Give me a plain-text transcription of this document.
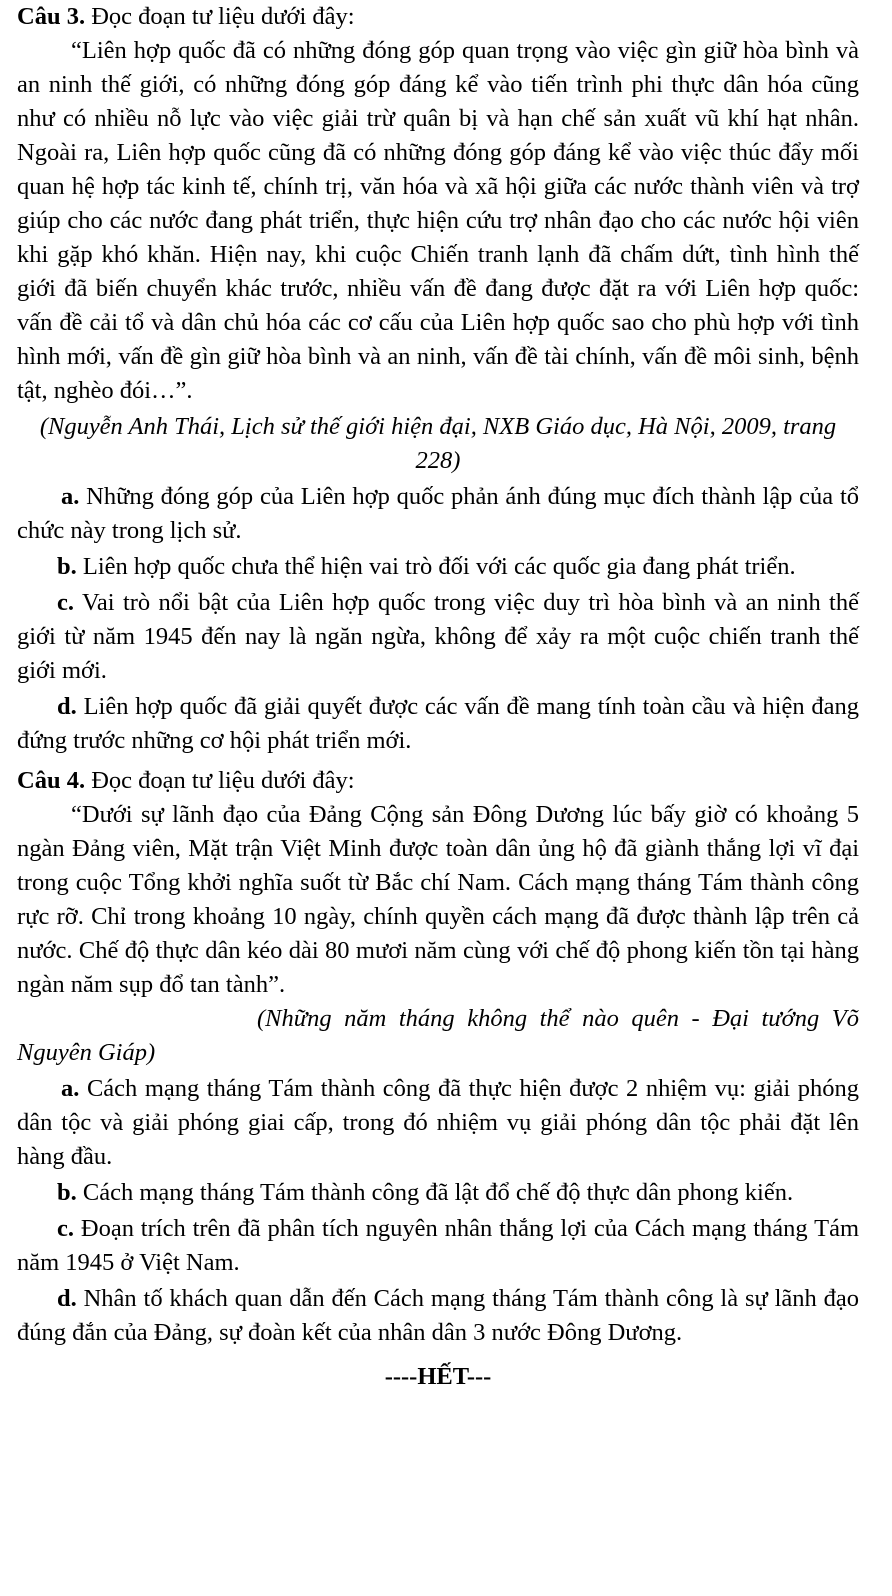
Câu 3. Đọc đoạn tư liệu dưới đây:

“Liên hợp quốc đã có những đóng góp quan trọng vào việc gìn giữ hòa bình và an ninh thế giới, có những đóng góp đáng kể vào tiến trình phi thực dân hóa cũng như có nhiều nỗ lực vào việc giải trừ quân bị và hạn chế sản xuất vũ khí hạt nhân. Ngoài ra, Liên hợp quốc cũng đã có những đóng góp đáng kể vào việc thúc đẩy mối quan hệ hợp tác kinh tế, chính trị, văn hóa và xã hội giữa các nước thành viên và trợ giúp cho các nước đang phát triển, thực hiện cứu trợ nhân đạo cho các nước hội viên khi gặp khó khăn. Hiện nay, khi cuộc Chiến tranh lạnh đã chấm dứt, tình hình thế giới đã biến chuyển khác trước, nhiều vấn đề đang được đặt ra với Liên hợp quốc: vấn đề cải tổ và dân chủ hóa các cơ cấu của Liên hợp quốc sao cho phù hợp với tình hình mới, vấn đề gìn giữ hòa bình và an ninh, vấn đề tài chính, vấn đề môi sinh, bệnh tật, nghèo đói…”.

(Nguyễn Anh Thái, Lịch sử thế giới hiện đại, NXB Giáo dục, Hà Nội, 2009, trang 228)

a. Những đóng góp của Liên hợp quốc phản ánh đúng mục đích thành lập của tổ chức này trong lịch sử.

b. Liên hợp quốc chưa thể hiện vai trò đối với các quốc gia đang phát triển.

c. Vai trò nổi bật của Liên hợp quốc trong việc duy trì hòa bình và an ninh thế giới từ năm 1945 đến nay là ngăn ngừa, không để xảy ra một cuộc chiến tranh thế giới mới.

d. Liên hợp quốc đã giải quyết được các vấn đề mang tính toàn cầu và hiện đang đứng trước những cơ hội phát triển mới.

Câu 4. Đọc đoạn tư liệu dưới đây:

“Dưới sự lãnh đạo của Đảng Cộng sản Đông Dương lúc bấy giờ có khoảng 5 ngàn Đảng viên, Mặt trận Việt Minh được toàn dân ủng hộ đã giành thắng lợi vĩ đại trong cuộc Tổng khởi nghĩa suốt từ Bắc chí Nam. Cách mạng tháng Tám thành công rực rỡ. Chỉ trong khoảng 10 ngày, chính quyền cách mạng đã được thành lập trên cả nước. Chế độ thực dân kéo dài 80 mươi năm cùng với chế độ phong kiến tồn tại hàng ngàn năm sụp đổ tan tành”.

(Những năm tháng không thể nào quên - Đại tướng Võ Nguyên Giáp)

a. Cách mạng tháng Tám thành công đã thực hiện được 2 nhiệm vụ: giải phóng dân tộc và giải phóng giai cấp, trong đó nhiệm vụ giải phóng dân tộc phải đặt lên hàng đầu.

b. Cách mạng tháng Tám thành công đã lật đổ chế độ thực dân phong kiến.

c. Đoạn trích trên đã phân tích nguyên nhân thắng lợi của Cách mạng tháng Tám năm 1945 ở Việt Nam.

d. Nhân tố khách quan dẫn đến Cách mạng tháng Tám thành công là sự lãnh đạo đúng đắn của Đảng, sự đoàn kết của nhân dân 3 nước Đông Dương.

----HẾT---
